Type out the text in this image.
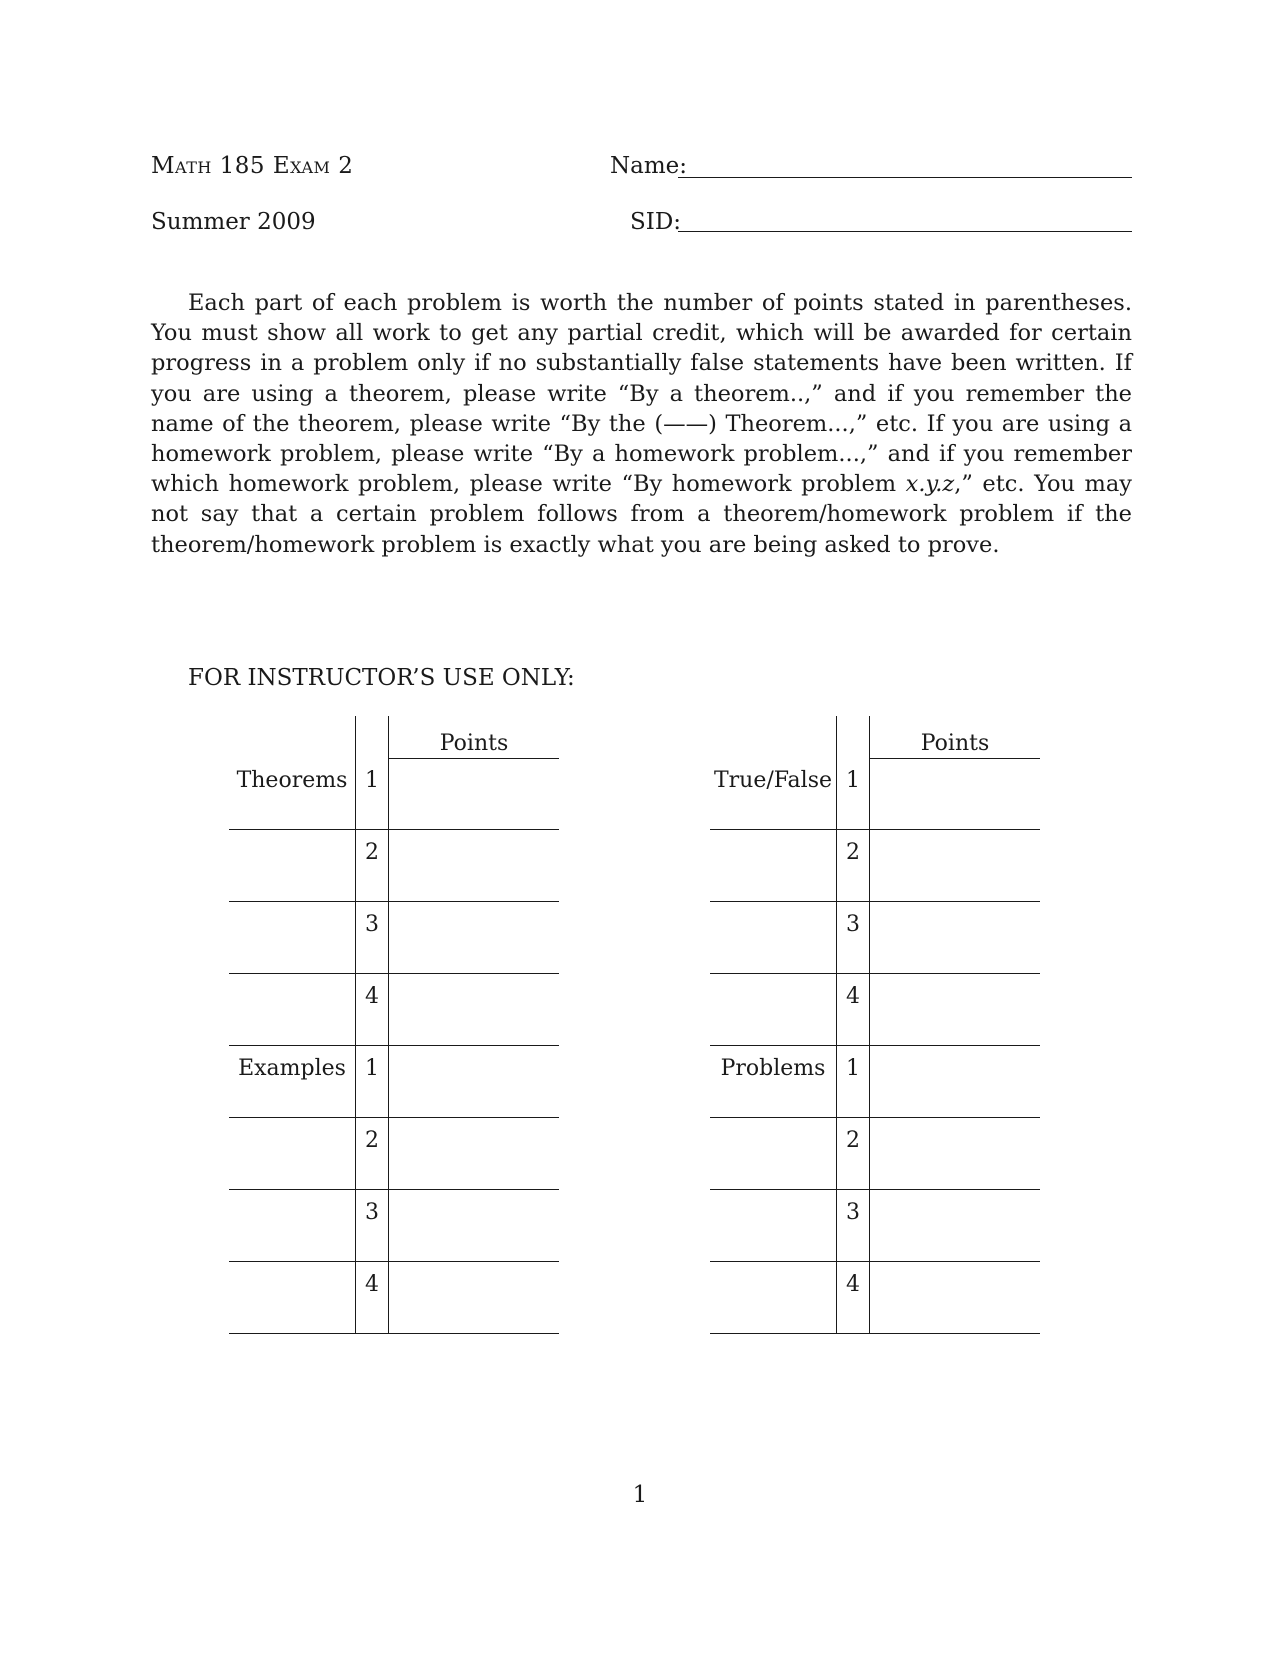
Math 185 Exam 2
Summer 2009
Name:
SID:

Each part of each problem is worth the number of points stated in parentheses. You must show all work to get any partial credit, which will be awarded for certain progress in a problem only if no substantially false statements have been written. If you are using a theorem, please write “By a theorem..,” and if you remember the name of the theorem, please write “By the (——) Theorem...,” etc. If you are using a homework problem, please write “By a homework problem...,” and if you remember which homework problem, please write “By homework problem x.y.z,” etc. You may not say that a certain problem follows from a theorem/homework problem if the theorem/homework problem is exactly what you are being asked to prove.

FOR INSTRUCTOR’S USE ONLY:
		Points
Theorems	1	
	2	
	3	
	4	
Examples	1	
	2	
	3	
	4	
		Points
True/False	1	
	2	
	3	
	4	
Problems	1	
	2	
	3	
	4	
1
